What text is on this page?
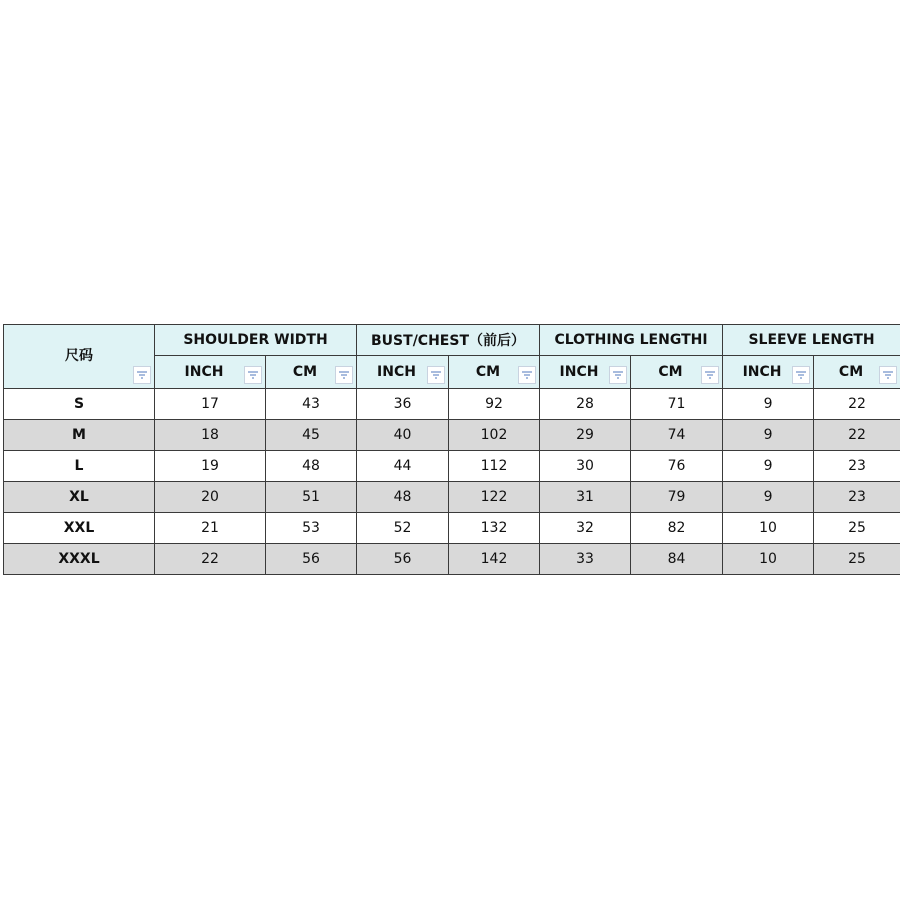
尺码	SHOULDER WIDTH		BUST/CHEST（前后）		CLOTHING LENGTHI		SLEEVE LENGTH	
	INCH	CM	INCH	CM	INCH	CM	INCH	CM

S	17	43	36	92	28	71	9	22
M	18	45	40	102	29	74	9	22
L	19	48	44	112	30	76	9	23
XL	20	51	48	122	31	79	9	23
XXL	21	53	52	132	32	82	10	25
XXXL	22	56	56	142	33	84	10	25
